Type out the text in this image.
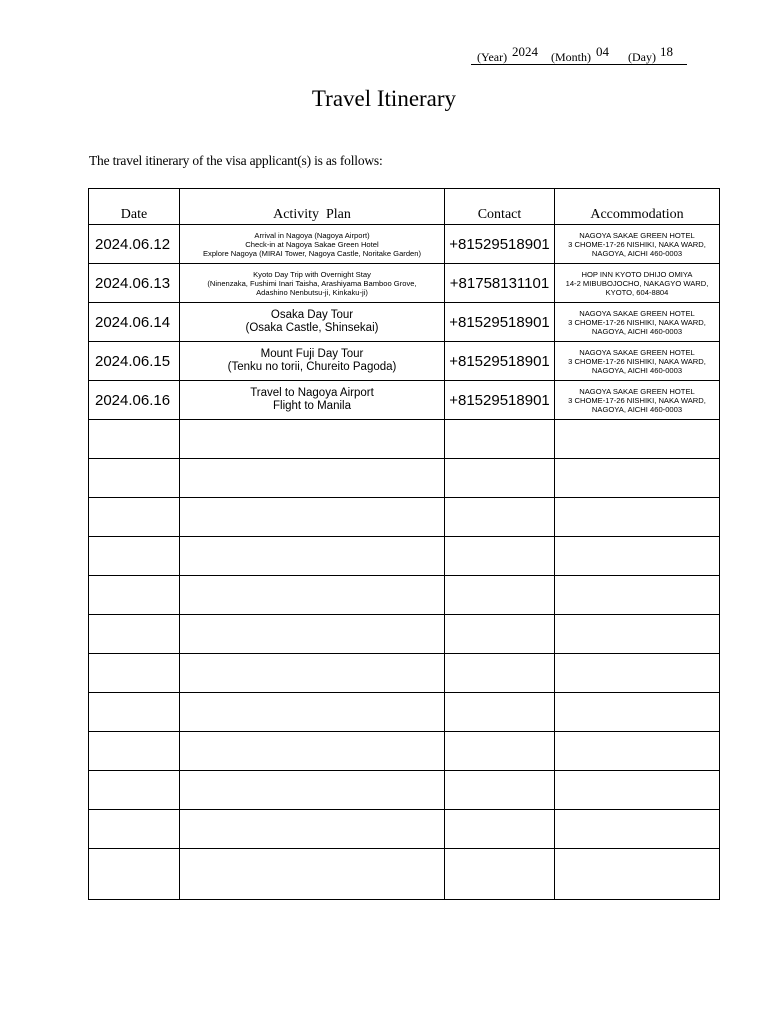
(Year) 2024 (Month) 04 (Day) 18
Travel Itinerary
The travel itinerary of the visa applicant(s) is as follows:
Date	Activity  Plan	Contact	Accommodation
2024.06.12	Arrival in Nagoya (Nagoya Airport)
Check-in at Nagoya Sakae Green Hotel
Explore Nagoya (MIRAI Tower, Nagoya Castle, Noritake Garden)	+81529518901	NAGOYA SAKAE GREEN HOTEL
3 CHOME-17-26 NISHIKI, NAKA WARD,
NAGOYA, AICHI 460-0003

2024.06.13	Kyoto Day Trip with Overnight Stay
(Ninenzaka, Fushimi Inari Taisha, Arashiyama Bamboo Grove,
Adashino Nenbutsu-ji, Kinkaku-ji)	+81758131101	HOP INN KYOTO DHIJO OMIYA
14-2 MIBUBOJOCHO, NAKAGYO WARD,
KYOTO, 604-8804

2024.06.14	Osaka Day Tour
(Osaka Castle, Shinsekai)	+81529518901	NAGOYA SAKAE GREEN HOTEL
3 CHOME-17-26 NISHIKI, NAKA WARD,
NAGOYA, AICHI 460-0003

2024.06.15	Mount Fuji Day Tour
(Tenku no torii, Chureito Pagoda)	+81529518901	NAGOYA SAKAE GREEN HOTEL
3 CHOME-17-26 NISHIKI, NAKA WARD,
NAGOYA, AICHI 460-0003

2024.06.16	Travel to Nagoya Airport
Flight to Manila	+81529518901	NAGOYA SAKAE GREEN HOTEL
3 CHOME-17-26 NISHIKI, NAKA WARD,
NAGOYA, AICHI 460-0003
